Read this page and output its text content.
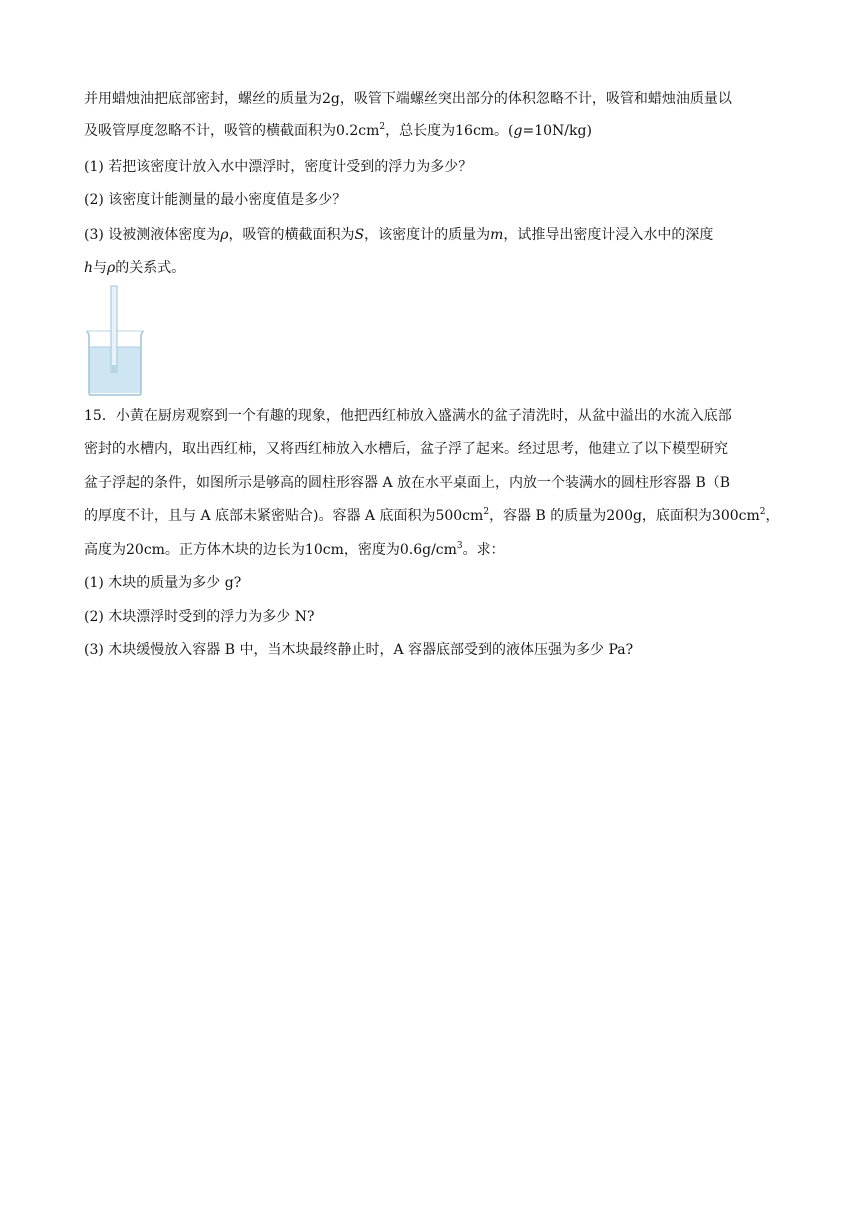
并用蜡烛油把底部密封，螺丝的质量为2g，吸管下端螺丝突出部分的体积忽略不计，吸管和蜡烛油质量以
及吸管厚度忽略不计，吸管的横截面积为$0.2cm^2$，总长度为16cm。(g=10N/kg)
(1) 若把该密度计放入水中漂浮时，密度计受到的浮力为多少？
(2) 该密度计能测量的最小密度值是多少？
(3) 设被测液体密度为ρ，吸管的横截面积为S，该密度计的质量为m，试推导出密度计浸入水中的深度
h与ρ的关系式。
15．小黄在厨房观察到一个有趣的现象，他把西红柿放入盛满水的盆子清洗时，从盆中溢出的水流入底部
密封的水槽内，取出西红柿，又将西红柿放入水槽后，盆子浮了起来。经过思考，他建立了以下模型研究
盆子浮起的条件，如图所示是够高的圆柱形容器 A 放在水平桌面上，内放一个装满水的圆柱形容器 B（B
的厚度不计，且与 A 底部未紧密贴合)。容器 A 底面积为$500cm^2$，容器 B 的质量为200g，底面积为$300cm^2$，
高度为20cm。正方体木块的边长为10cm，密度为$0.6g/cm^3$。求：
(1) 木块的质量为多少 g?
(2) 木块漂浮时受到的浮力为多少 N?
(3) 木块缓慢放入容器 B 中，当木块最终静止时，A 容器底部受到的液体压强为多少 Pa?
